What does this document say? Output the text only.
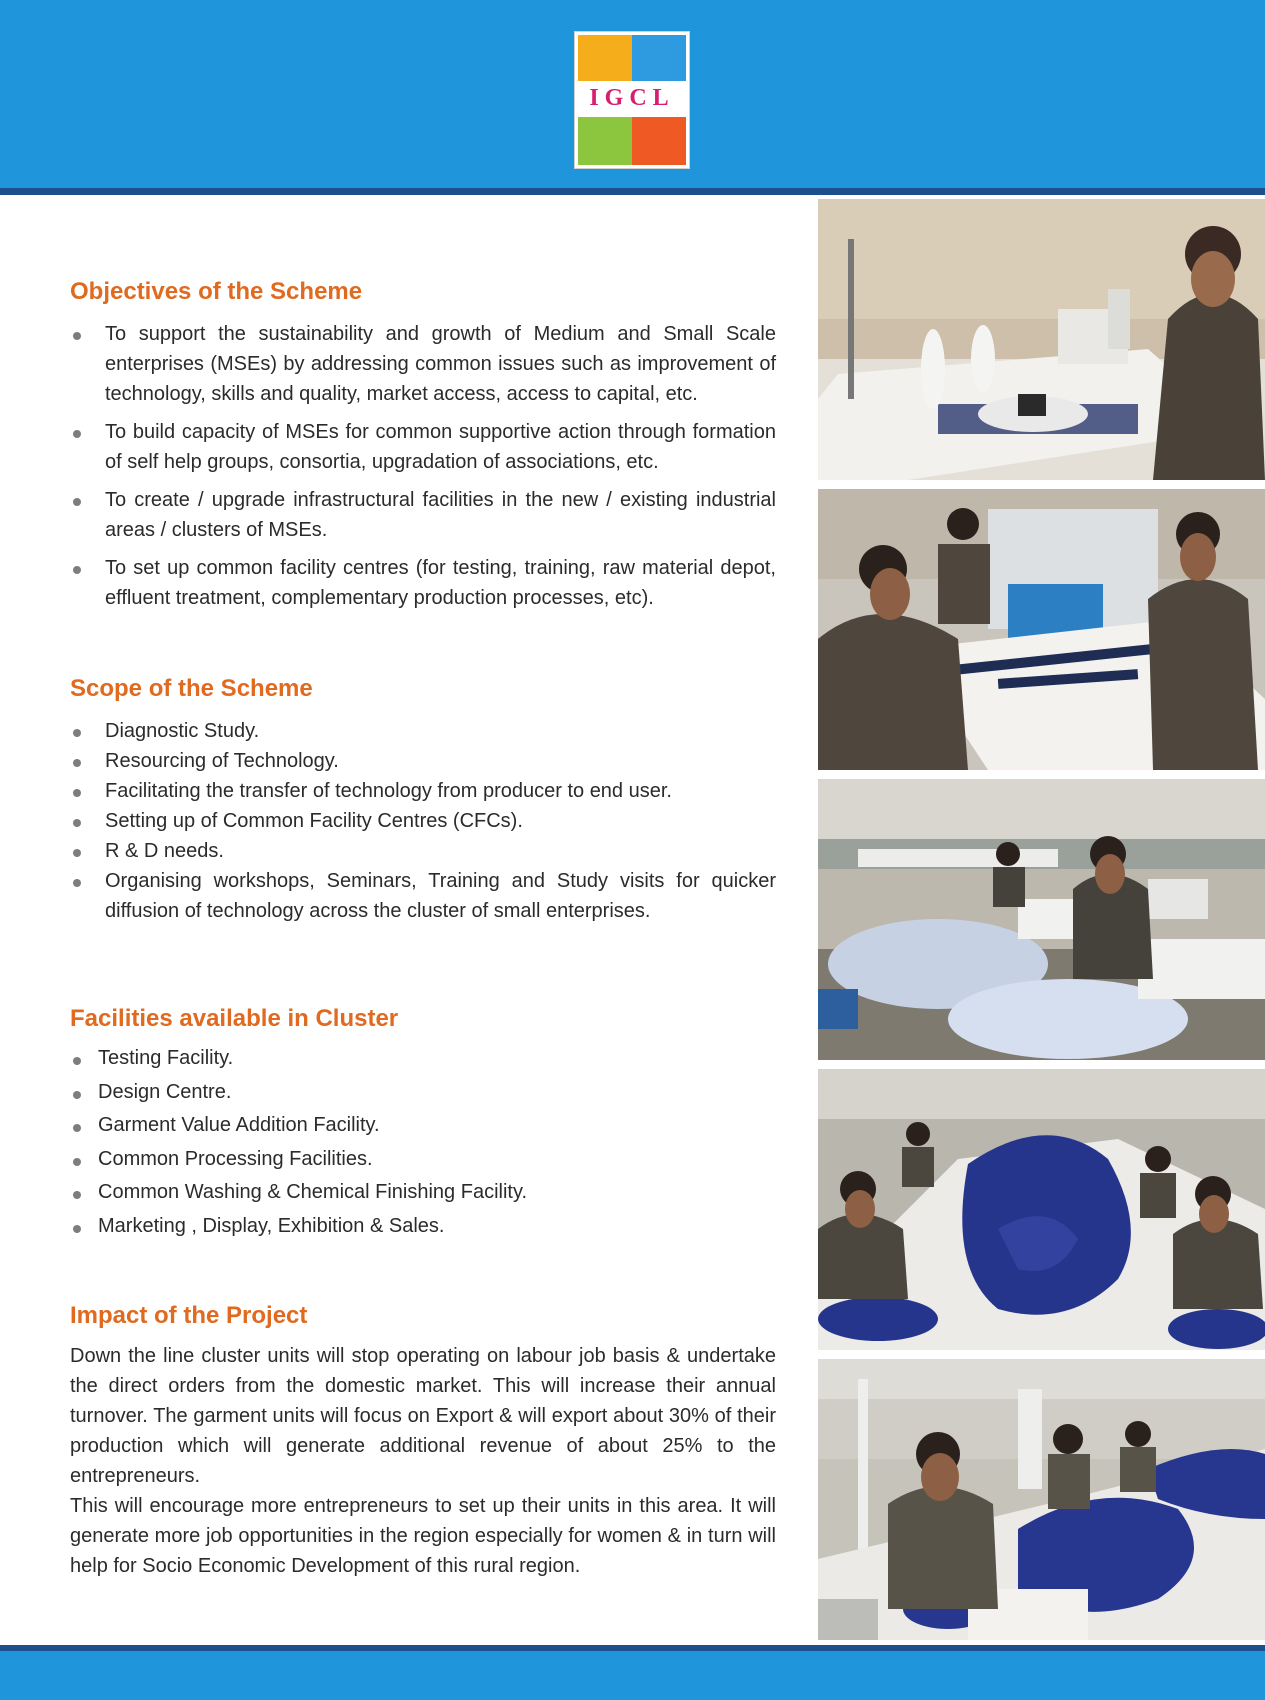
IGCL
Objectives of the Scheme
To support the sustainability and growth of Medium and Small Scale enterprises (MSEs) by addressing common issues such as improvement of technology, skills and quality, market access, access to capital, etc.
To build capacity of MSEs for common supportive action through formation of self help groups, consortia, upgradation of associations, etc.
To create / upgrade infrastructural facilities in the new / existing industrial areas / clusters of MSEs.
To set up common facility centres (for testing, training, raw material depot, effluent treatment, complementary production processes, etc).
Scope of the Scheme
Diagnostic Study.
Resourcing of Technology.
Facilitating the transfer of technology from producer to end user.
Setting up of Common Facility Centres (CFCs).
R & D needs.
Organising workshops, Seminars, Training and Study visits for quicker diffusion of technology across the cluster of small enterprises.
Facilities available in Cluster
Testing Facility.
Design Centre.
Garment Value Addition Facility.
Common Processing Facilities.
Common Washing & Chemical Finishing Facility.
Marketing , Display, Exhibition & Sales.
Impact of the Project

Down the line cluster units will stop operating on labour job basis & undertake the direct orders from the domestic market. This will increase their annual turnover. The garment units will focus on Export & will export about 30% of their production which will generate additional revenue of about 25% to the entrepreneurs.

This will encourage more entrepreneurs to set up their units in this area. It will generate more job opportunities in the region especially for women & in turn will help for Socio Economic Development of this rural region.
